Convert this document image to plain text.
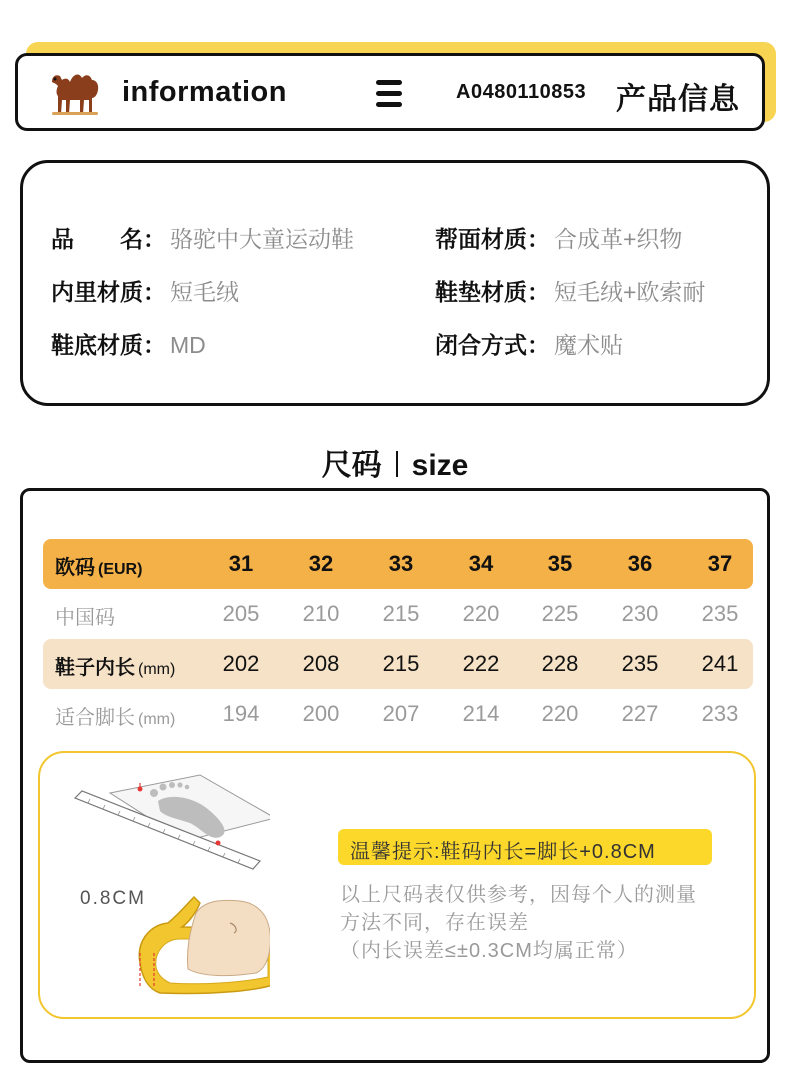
information	A0480110853 产品信息
品　　名： 骆驼中大童运动鞋	帮面材质： 合成革+织物
内里材质： 短毛绒	鞋垫材质： 短毛绒+欧索耐
鞋底材质： MD	闭合方式： 魔术贴
尺码 size
欧码 (EUR)	31	32	33	34	35	36	37
中国码	205	210	215	220	225	230	235
鞋子内长 (mm)	202	208	215	222	228	235	241
适合脚长 (mm)	194	200	207	214	220	227	233
0.8CM
温馨提示:鞋码内长=脚长+0.8CM
以上尺码表仅供参考，因每个人的测量
方法不同，存在误差
（内长误差≤±0.3CM均属正常）
